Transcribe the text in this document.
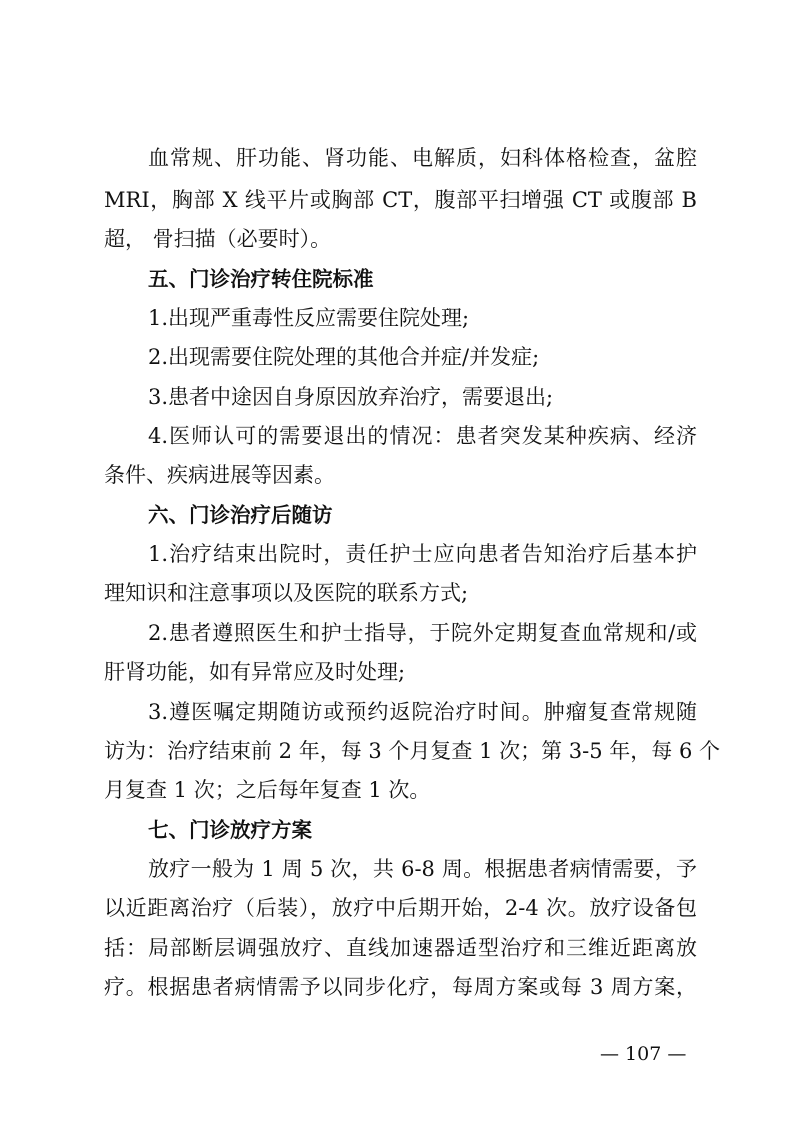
血常规、肝功能、肾功能、电解质，妇科体格检查，盆腔
MRI，胸部 X 线平片或胸部 CT，腹部平扫增强 CT 或腹部 B
超， 骨扫描（必要时）。
五、门诊治疗转住院标准
1.出现严重毒性反应需要住院处理;
2.出现需要住院处理的其他合并症/并发症;
3.患者中途因自身原因放弃治疗，需要退出;
4.医师认可的需要退出的情况：患者突发某种疾病、经济
条件、疾病进展等因素。
六、门诊治疗后随访
1.治疗结束出院时，责任护士应向患者告知治疗后基本护
理知识和注意事项以及医院的联系方式;
2.患者遵照医生和护士指导，于院外定期复查血常规和/或
肝肾功能，如有异常应及时处理;
3.遵医嘱定期随访或预约返院治疗时间。肿瘤复查常规随
访为：治疗结束前 2 年，每 3 个月复查 1 次；第 3-5 年，每 6 个
月复查 1 次；之后每年复查 1 次。
七、门诊放疗方案
放疗一般为 1 周 5 次，共 6-8 周。根据患者病情需要，予
以近距离治疗（后装），放疗中后期开始，2-4 次。放疗设备包
括：局部断层调强放疗、直线加速器适型治疗和三维近距离放
疗。根据患者病情需予以同步化疗，每周方案或每 3 周方案，
— 107 —
